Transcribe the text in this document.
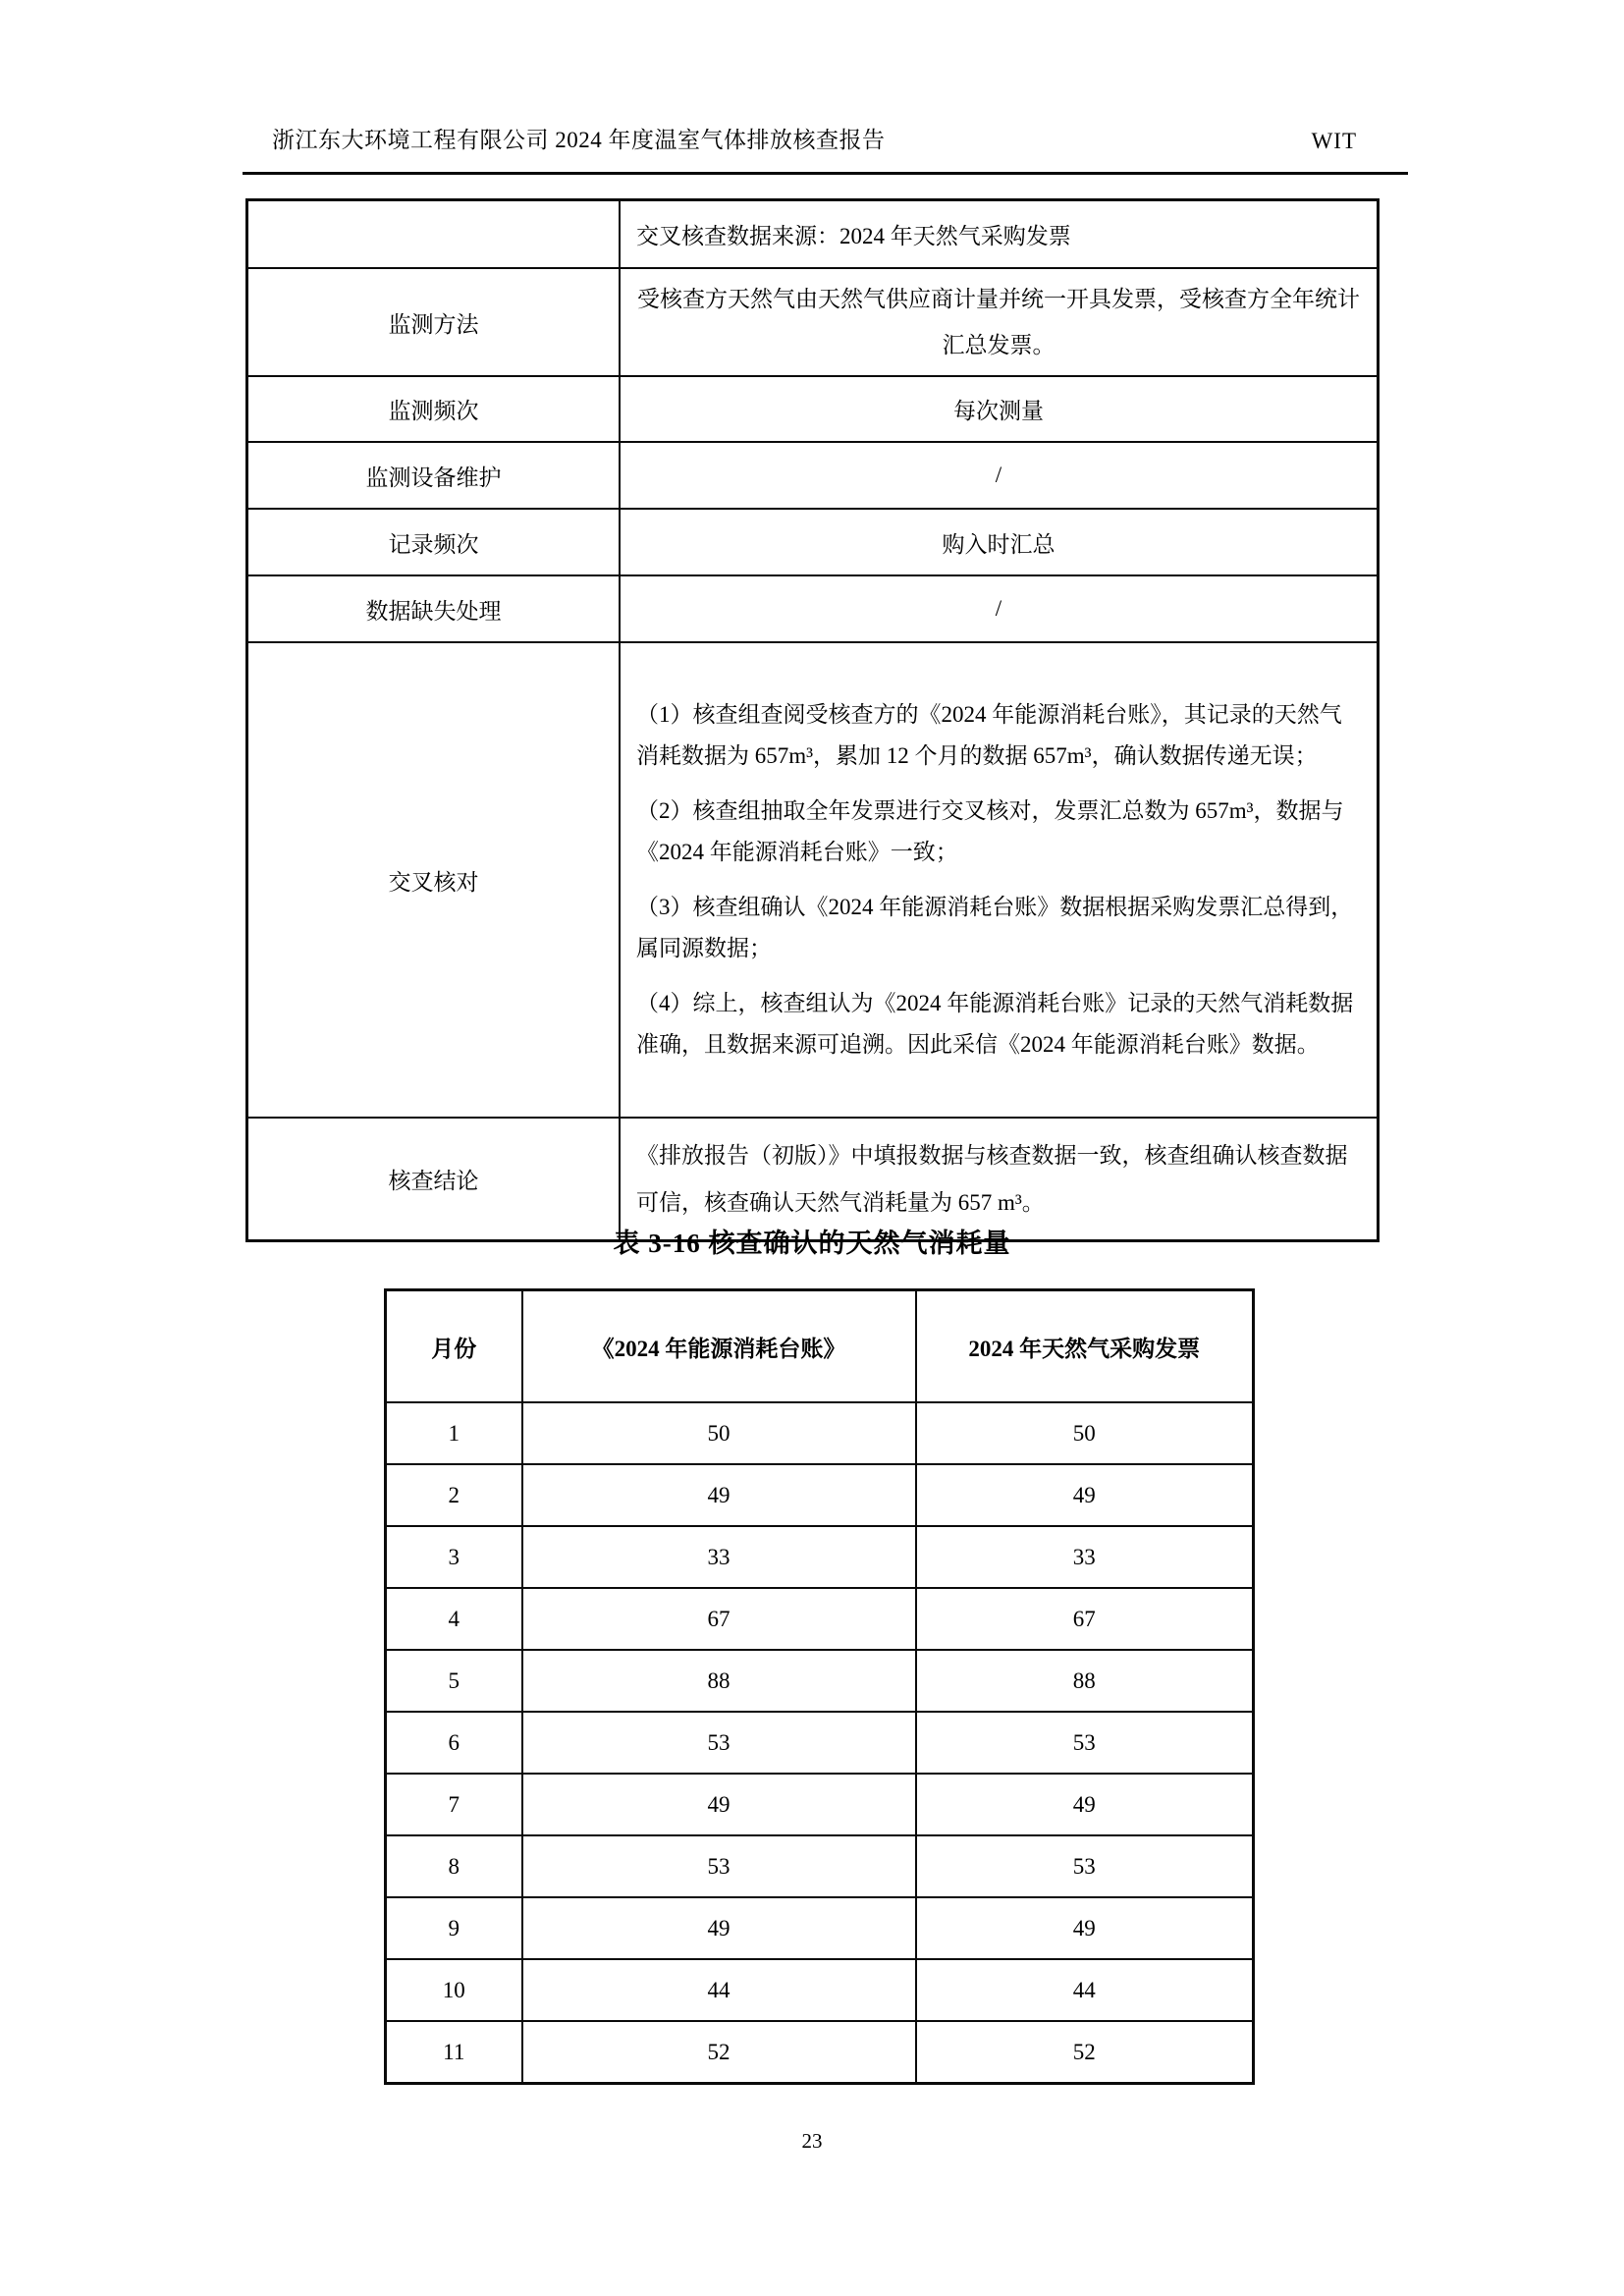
浙江东大环境工程有限公司 2024 年度温室气体排放核查报告	WIT
	交叉核查数据来源：2024 年天然气采购发票
监测方法	受核查方天然气由天然气供应商计量并统一开具发票，受核查方全年统计汇总发票。
监测频次	每次测量
监测设备维护	/
记录频次	购入时汇总
数据缺失处理	/
交叉核对	（1）核查组查阅受核查方的《2024 年能源消耗台账》，其记录的天然气消耗数据为 657m³，累加 12 个月的数据 657m³，确认数据传递无误；

（2）核查组抽取全年发票进行交叉核对，发票汇总数为 657m³，数据与《2024 年能源消耗台账》一致；

（3）核查组确认《2024 年能源消耗台账》数据根据采购发票汇总得到，属同源数据；

（4）综上，核查组认为《2024 年能源消耗台账》记录的天然气消耗数据准确，且数据来源可追溯。因此采信《2024 年能源消耗台账》数据。

核查结论	《排放报告（初版）》中填报数据与核查数据一致，核查组确认核查数据可信，核查确认天然气消耗量为 657 m³。
表 3-16 核查确认的天然气消耗量
月份	《2024 年能源消耗台账》	2024 年天然气采购发票
1	50	50
2	49	49
3	33	33
4	67	67
5	88	88
6	53	53
7	49	49
8	53	53
9	49	49
10	44	44
11	52	52
23
